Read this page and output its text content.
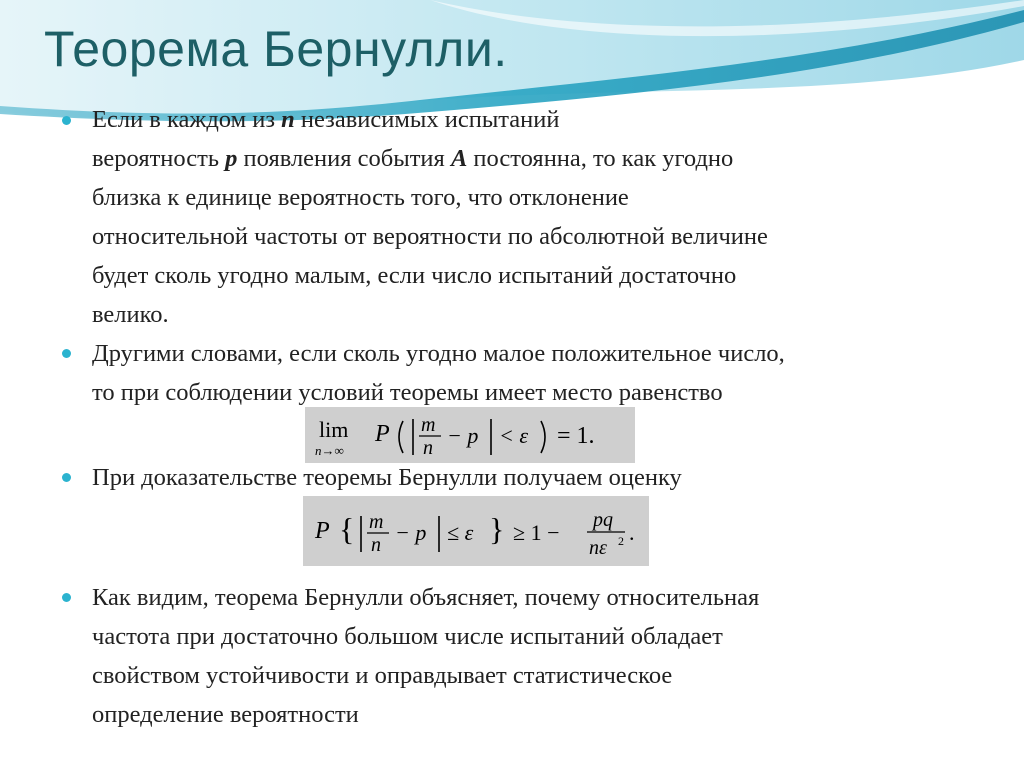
Теорема Бернулли.
Если в каждом из n независимых испытаний
вероятность p появления события A постоянна, то как угодно
близка к единице вероятность того, что отклонение
относительной частоты от вероятности по абсолютной величине
будет сколь угодно малым, если число испытаний достаточно
велико.
Другими словами, если сколь угодно малое положительное число,
то при соблюдении условий теоремы имеет место равенство
lim
n→∞
P m
n − p < ε = 1.
При доказательстве теоремы Бернулли получаем оценку
P { m
n − p ≤ ε } ≥ 1 − pq
nε 2 .
Как видим, теорема Бернулли объясняет, почему относительная
частота при достаточно большом числе испытаний обладает
свойством устойчивости и оправдывает статистическое
определение вероятности
